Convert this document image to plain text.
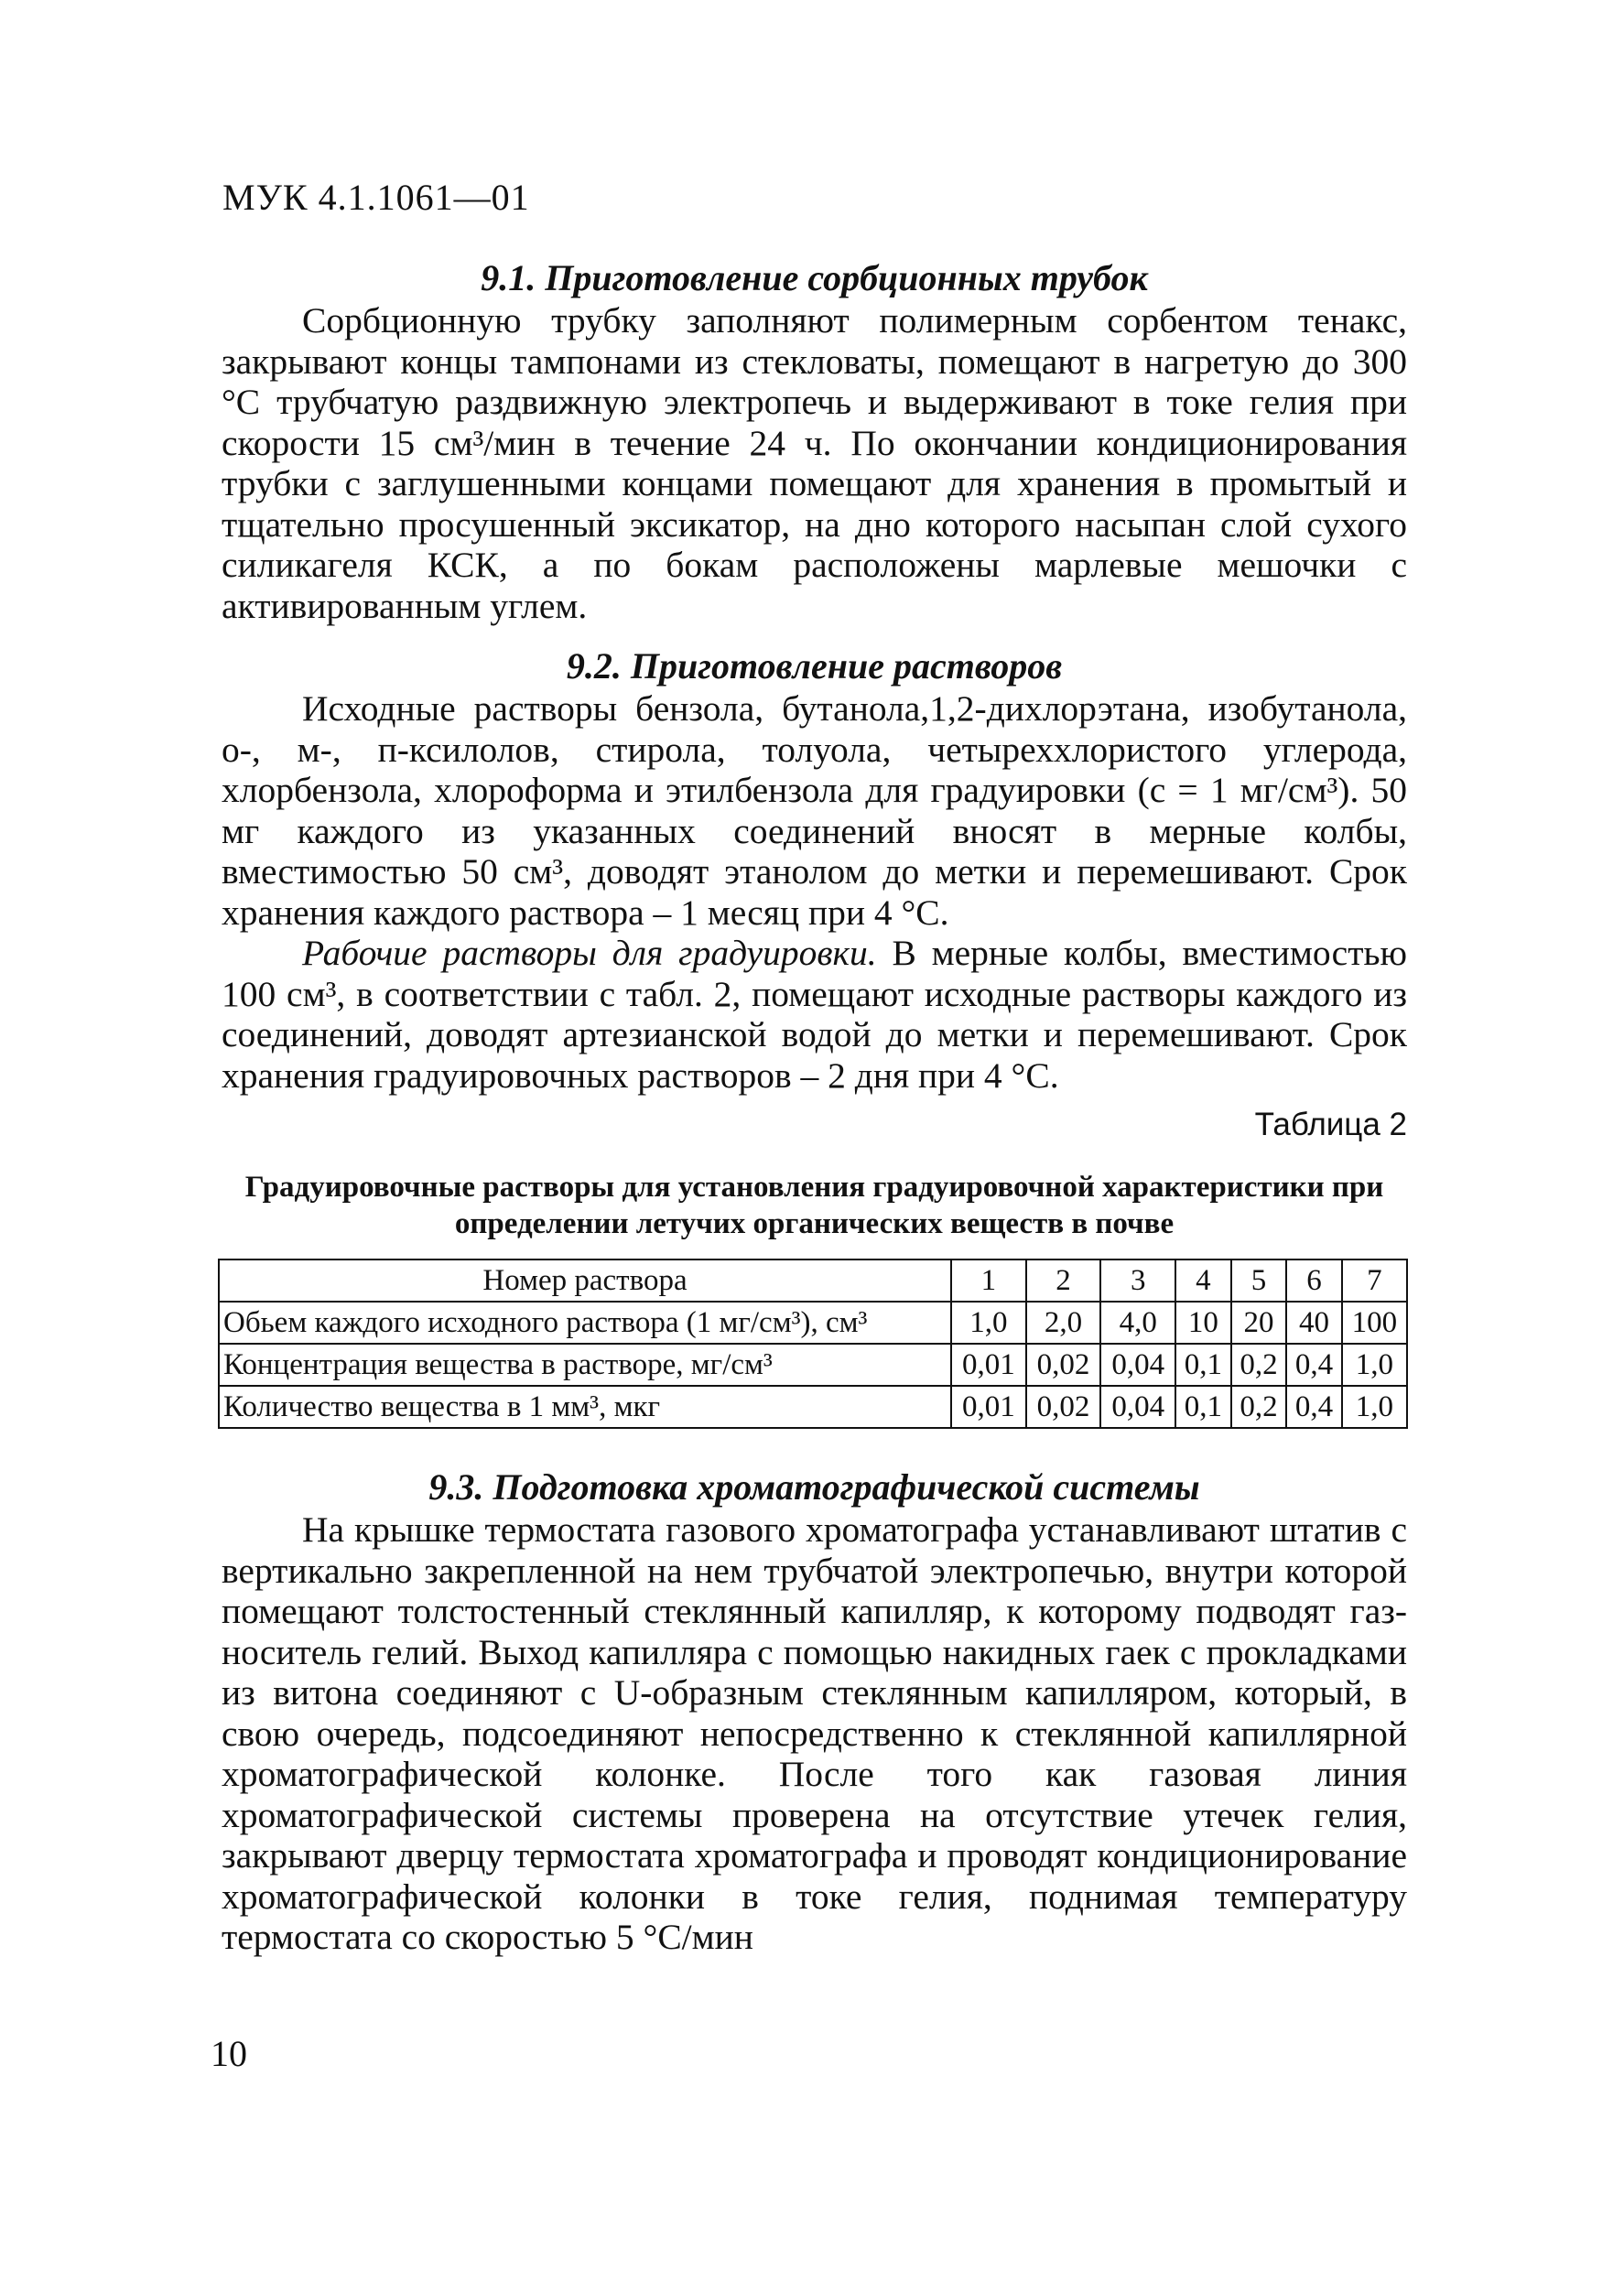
МУК 4.1.1061—01

9.1. Приготовление сорбционных трубок

Сорбционную трубку заполняют полимерным сорбентом тенакс, закрывают концы тампонами из стекловаты, помещают в нагретую до 300 °С трубчатую раздвижную электропечь и выдерживают в токе гелия при скорости 15 см³/мин в течение 24 ч. По окончании кондиционирования трубки с заглушенными концами помещают для хранения в промытый и тщательно просушенный эксикатор, на дно которого насыпан слой сухого силикагеля КСК, а по бокам расположены марлевые мешочки с активированным углем.

9.2. Приготовление растворов

Исходные растворы бензола, бутанола,1,2-дихлорэтана, изобутанола, о-, м-, п-ксилолов, стирола, толуола, четыреххлористого углерода, хлорбензола, хлороформа и этилбензола для градуировки (с = 1 мг/см³). 50 мг каждого из указанных соединений вносят в мерные колбы, вместимостью 50 см³, доводят этанолом до метки и перемешивают. Срок хранения каждого раствора – 1 месяц при 4 °С.

Рабочие растворы для градуировки. В мерные колбы, вместимостью 100 см³, в соответствии с табл. 2, помещают исходные растворы каждого из соединений, доводят артезианской водой до метки и перемешивают. Срок хранения градуировочных растворов – 2 дня при 4 °С.

Таблица 2
Градуировочные растворы для установления градуировочной характеристики при определении летучих органических веществ в почве
Номер раствора	1	2	3	4	5	6	7
Обьем каждого исходного раствора (1 мг/см³), см³	1,0	2,0	4,0	10	20	40	100
Концентрация вещества в растворе, мг/см³	0,01	0,02	0,04	0,1	0,2	0,4	1,0
Количество вещества в 1 мм³, мкг	0,01	0,02	0,04	0,1	0,2	0,4	1,0

9.3. Подготовка хроматографической системы

На крышке термостата газового хроматографа устанавливают штатив с вертикально закрепленной на нем трубчатой электропечью, внутри которой помещают толстостенный стеклянный капилляр, к которому подводят газ-носитель гелий. Выход капилляра с помощью накидных гаек с прокладками из витона соединяют с U-образным стеклянным капилляром, который, в свою очередь, подсоединяют непосредственно к стеклянной капиллярной хроматографической колонке. После того как газовая линия хроматографической системы проверена на отсутствие утечек гелия, закрывают дверцу термостата хроматографа и проводят кондиционирование хроматографической колонки в токе гелия, поднимая температуру термостата со скоростью 5 °С/мин

10
